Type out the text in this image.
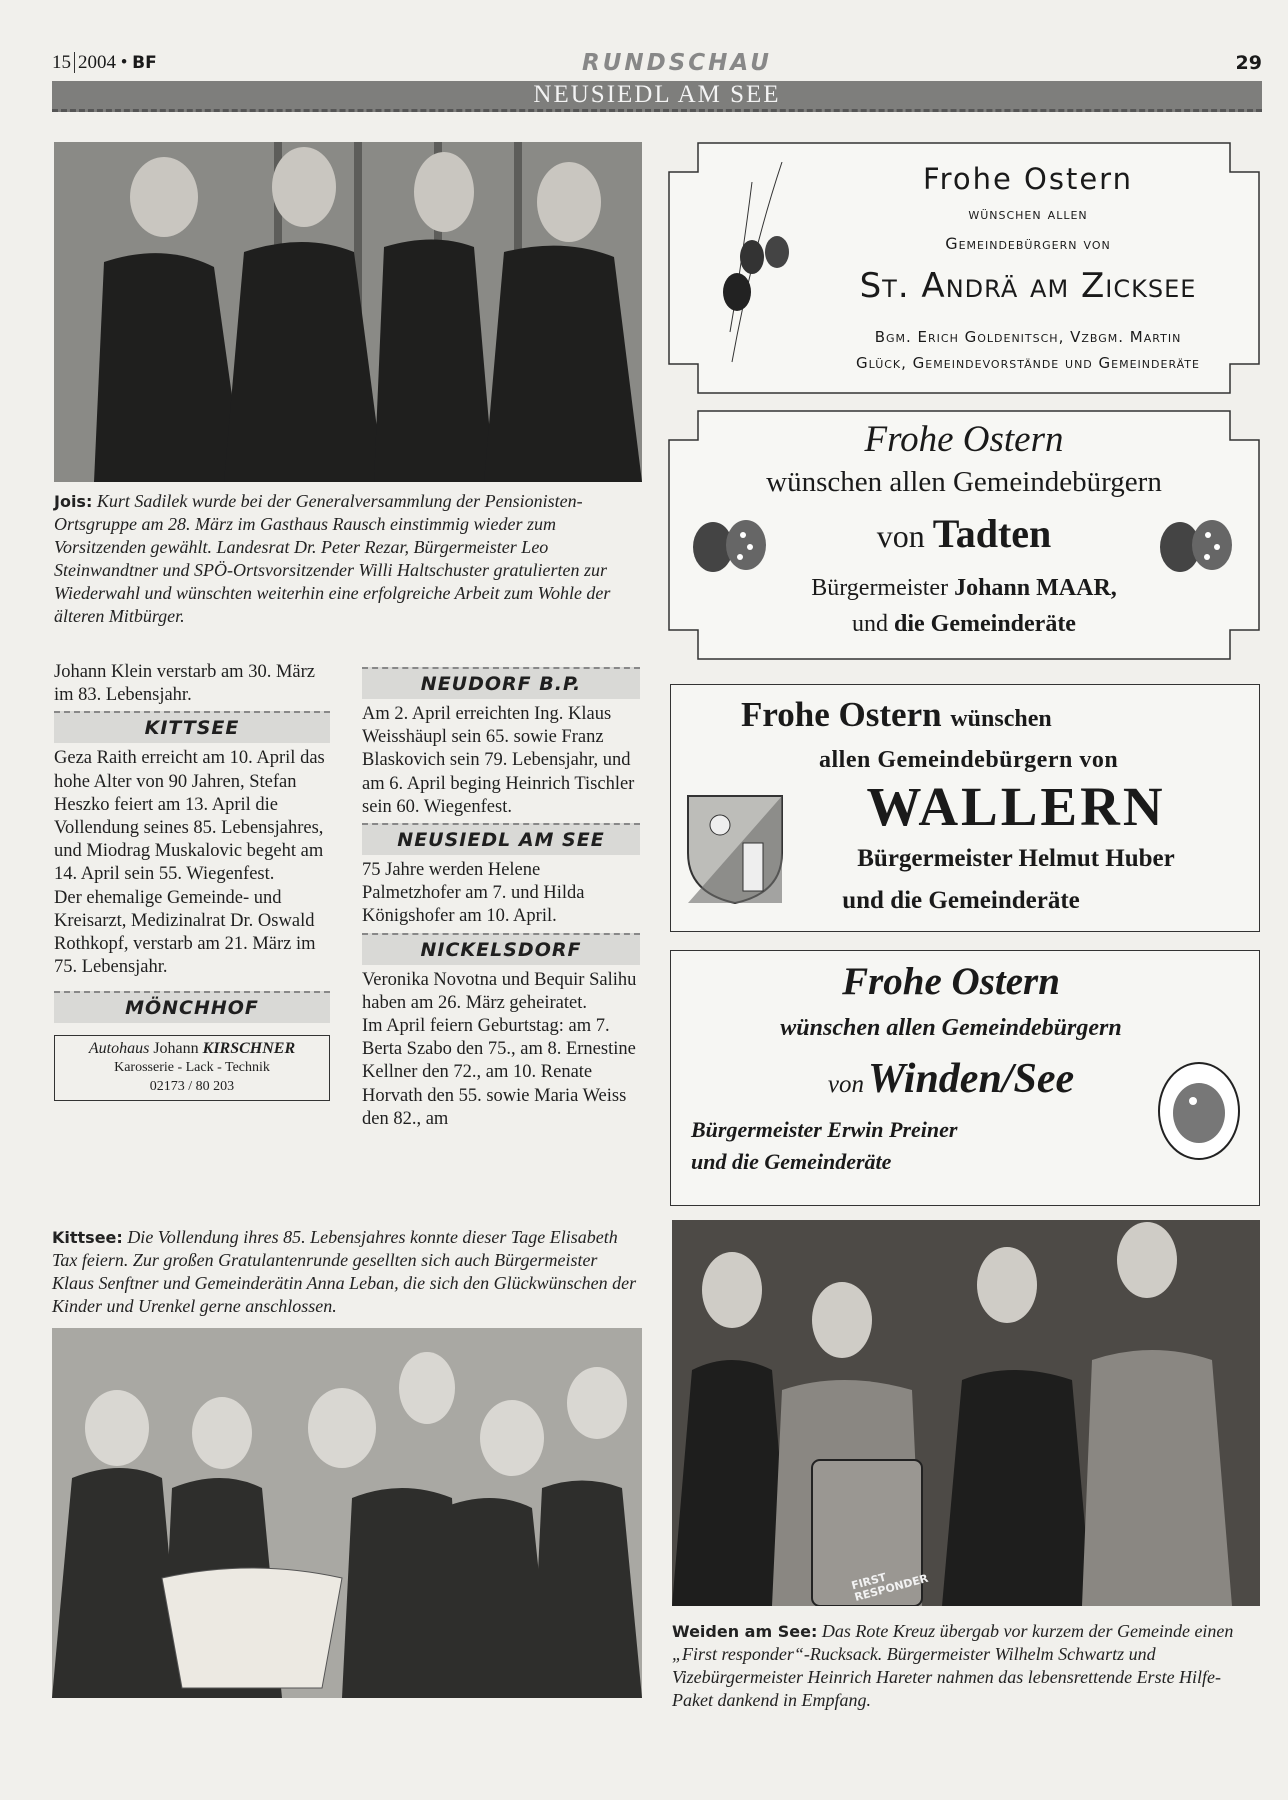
15 2004 • BF	RUNDSCHAU	29
NEUSIEDL AM SEE
Jois: Kurt Sadilek wurde bei der Generalversammlung der Pensionisten-Ortsgruppe am 28. März im Gasthaus Rausch einstimmig wieder zum Vorsitzenden gewählt. Landesrat Dr. Peter Rezar, Bürgermeister Leo Steinwandtner und SPÖ-Ortsvorsitzender Willi Haltschuster gratulierten zur Wiederwahl und wünschten weiterhin eine erfolgreiche Arbeit zum Wohle der älteren Mitbürger.

Johann Klein verstarb am 30. März im 83. Lebensjahr.

KITTSEE

Geza Raith erreicht am 10. April das hohe Alter von 90 Jahren, Stefan Heszko feiert am 13. April die Vollendung seines 85. Lebensjahres, und Miodrag Muskalovic begeht am 14. April sein 55. Wiegenfest.

Der ehemalige Gemeinde- und Kreisarzt, Medizinalrat Dr. Oswald Rothkopf, verstarb am 21. März im 75. Lebensjahr.

MÖNCHHOF
Autohaus Johann KIRSCHNER
Karosserie - Lack - Technik
02173 / 80 203
NEUDORF B.P.

Am 2. April erreichten Ing. Klaus Weisshäupl sein 65. sowie Franz Blaskovich sein 79. Lebensjahr, und am 6. April beging Heinrich Tischler sein 60. Wiegenfest.

NEUSIEDL AM SEE

75 Jahre werden Helene Palmetzhofer am 7. und Hilda Königshofer am 10. April.

NICKELSDORF

Veronika Novotna und Bequir Salihu haben am 26. März geheiratet.

Im April feiern Geburtstag: am 7. Berta Szabo den 75., am 8. Ernestine Kellner den 72., am 10. Renate Horvath den 55. sowie Maria Weiss den 82., am

Frohe Ostern
wünschen allen
Gemeindebürgern von
St. Andrä am Zicksee
Bgm. Erich Goldenitsch, Vzbgm. Martin
Glück, Gemeindevorstände und Gemeinderäte
Frohe Ostern
wünschen allen Gemeindebürgern
von Tadten
Bürgermeister Johann MAAR,
und die Gemeinderäte
Frohe Ostern wünschen
allen Gemeindebürgern von
WALLERN
Bürgermeister Helmut Huber
und die Gemeinderäte
Frohe Ostern
wünschen allen Gemeindebürgern
von Winden/See
Bürgermeister Erwin Preiner
und die Gemeinderäte
Kittsee: Die Vollendung ihres 85. Lebensjahres konnte dieser Tage Elisabeth Tax feiern. Zur großen Gratulantenrunde gesellten sich auch Bürgermeister Klaus Senftner und Gemeinderätin Anna Leban, die sich den Glückwünschen der Kinder und Urenkel gerne anschlossen.
FIRST RESPONDER
Weiden am See: Das Rote Kreuz übergab vor kurzem der Gemeinde einen „First responder“-Rucksack. Bürgermeister Wilhelm Schwartz und Vizebürgermeister Heinrich Hareter nahmen das lebensrettende Erste Hilfe-Paket dankend in Empfang.
